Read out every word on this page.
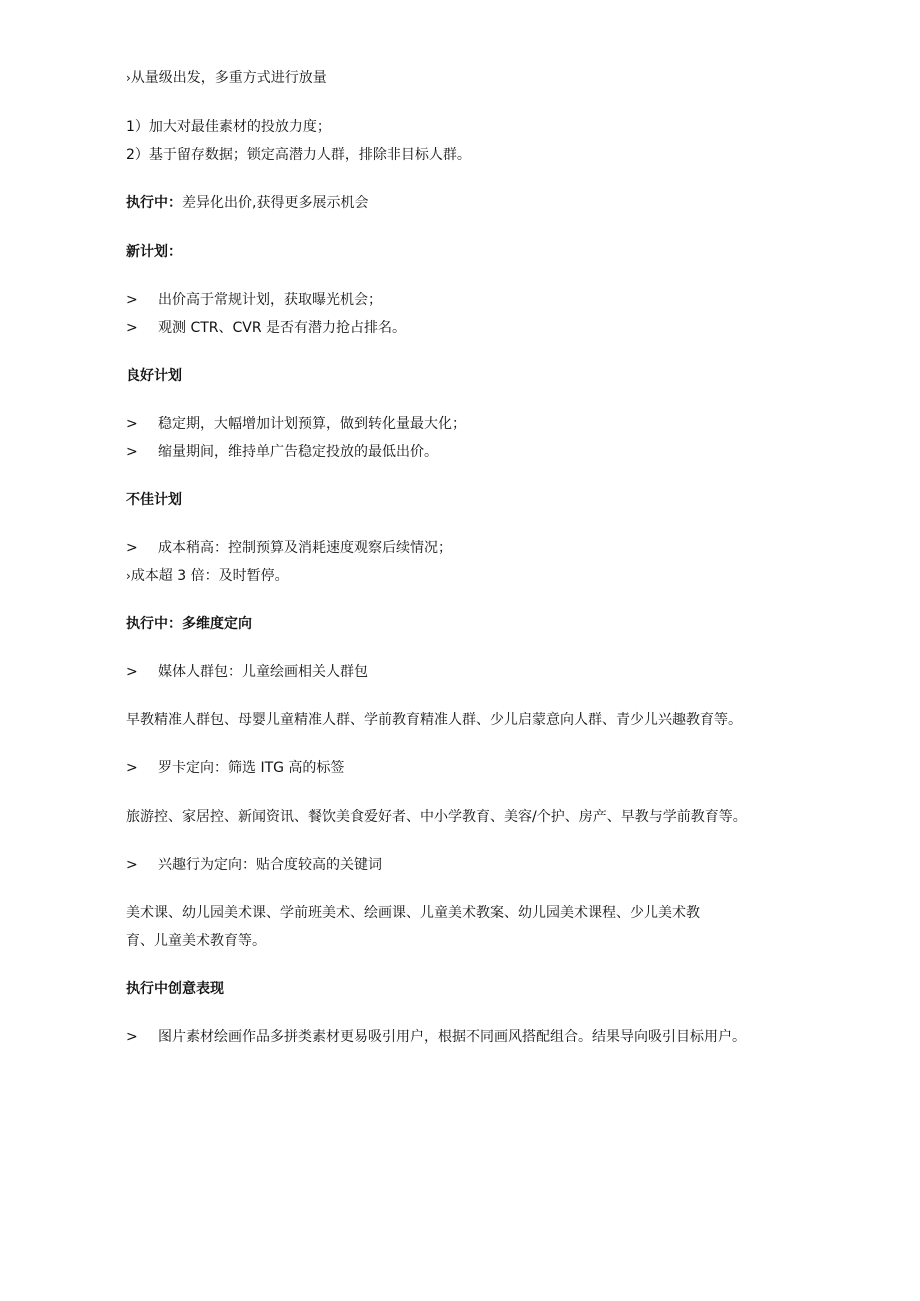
›从量级出发，多重方式进行放量
1）加大对最佳素材的投放力度；
2）基于留存数据；锁定高潜力人群，排除非目标人群。
执行中：差异化出价,获得更多展示机会
新计划：
> 出价高于常规计划，获取曝光机会；
> 观测 CTR、CVR 是否有潜力抢占排名。
良好计划
> 稳定期，大幅增加计划预算，做到转化量最大化；
> 缩量期间，维持单广告稳定投放的最低出价。
不佳计划
> 成本稍高：控制预算及消耗速度观察后续情况；
›成本超 3 倍：及时暂停。
执行中：多维度定向
> 媒体人群包：儿童绘画相关人群包
早教精准人群包、母婴儿童精准人群、学前教育精准人群、少儿启蒙意向人群、青少儿兴趣教育等。
> 罗卡定向：筛选 ITG 高的标签
旅游控、家居控、新闻资讯、餐饮美食爱好者、中小学教育、美容/个护、房产、早教与学前教育等。
> 兴趣行为定向：贴合度较高的关键词
美术课、幼儿园美术课、学前班美术、绘画课、儿童美术教案、幼儿园美术课程、少儿美术教
育、儿童美术教育等。
执行中创意表现
> 图片素材绘画作品多拼类素材更易吸引用户，根据不同画风搭配组合。结果导向吸引目标用户。
